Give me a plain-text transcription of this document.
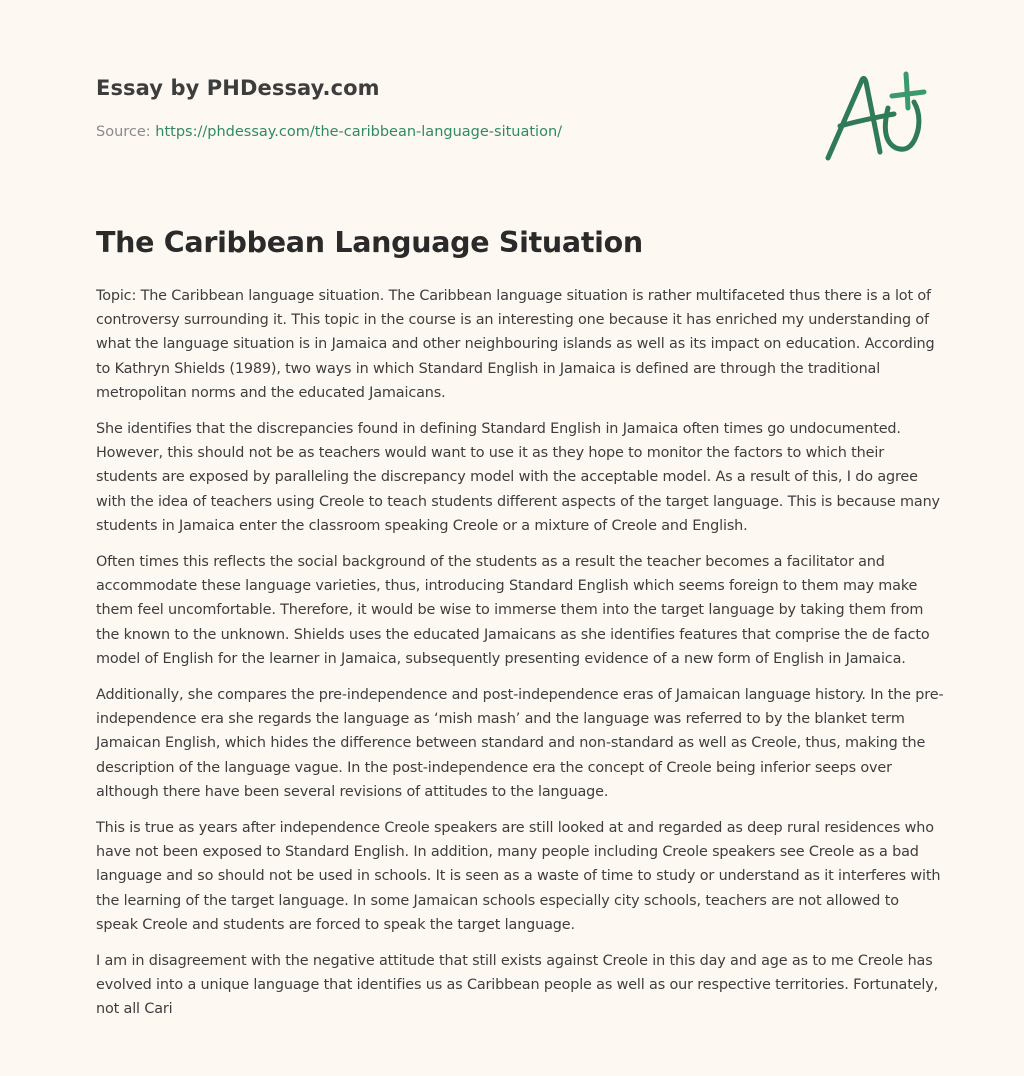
Essay by PHDessay.com
Source: https://phdessay.com/the-caribbean-language-situation/
The Caribbean Language Situation

Topic: The Caribbean language situation. The Caribbean language situation is rather multifaceted thus there is a lot of controversy surrounding it. This topic in the course is an interesting one because it has enriched my understanding of what the language situation is in Jamaica and other neighbouring islands as well as its impact on education. According to Kathryn Shields (1989), two ways in which Standard English in Jamaica is defined are through the traditional metropolitan norms and the educated Jamaicans.

She identifies that the discrepancies found in defining Standard English in Jamaica often times go undocumented. However, this should not be as teachers would want to use it as they hope to monitor the factors to which their students are exposed by paralleling the discrepancy model with the acceptable model. As a result of this, I do agree with the idea of teachers using Creole to teach students different aspects of the target language. This is because many students in Jamaica enter the classroom speaking Creole or a mixture of Creole and English.

Often times this reflects the social background of the students as a result the teacher becomes a facilitator and accommodate these language varieties, thus, introducing Standard English which seems foreign to them may make them feel uncomfortable. Therefore, it would be wise to immerse them into the target language by taking them from the known to the unknown. Shields uses the educated Jamaicans as she identifies features that comprise the de facto model of English for the learner in Jamaica, subsequently presenting evidence of a new form of English in Jamaica.

Additionally, she compares the pre-independence and post-independence eras of Jamaican language history. In the pre-independence era she regards the language as ‘mish mash’ and the language was referred to by the blanket term Jamaican English, which hides the difference between standard and non-standard as well as Creole, thus, making the description of the language vague. In the post-independence era the concept of Creole being inferior seeps over although there have been several revisions of attitudes to the language.

This is true as years after independence Creole speakers are still looked at and regarded as deep rural residences who have not been exposed to Standard English. In addition, many people including Creole speakers see Creole as a bad language and so should not be used in schools. It is seen as a waste of time to study or understand as it interferes with the learning of the target language. In some Jamaican schools especially city schools, teachers are not allowed to speak Creole and students are forced to speak the target language.

I am in disagreement with the negative attitude that still exists against Creole in this day and age as to me Creole has evolved into a unique language that identifies us as Caribbean people as well as our respective territories. Fortunately, not all Cari
